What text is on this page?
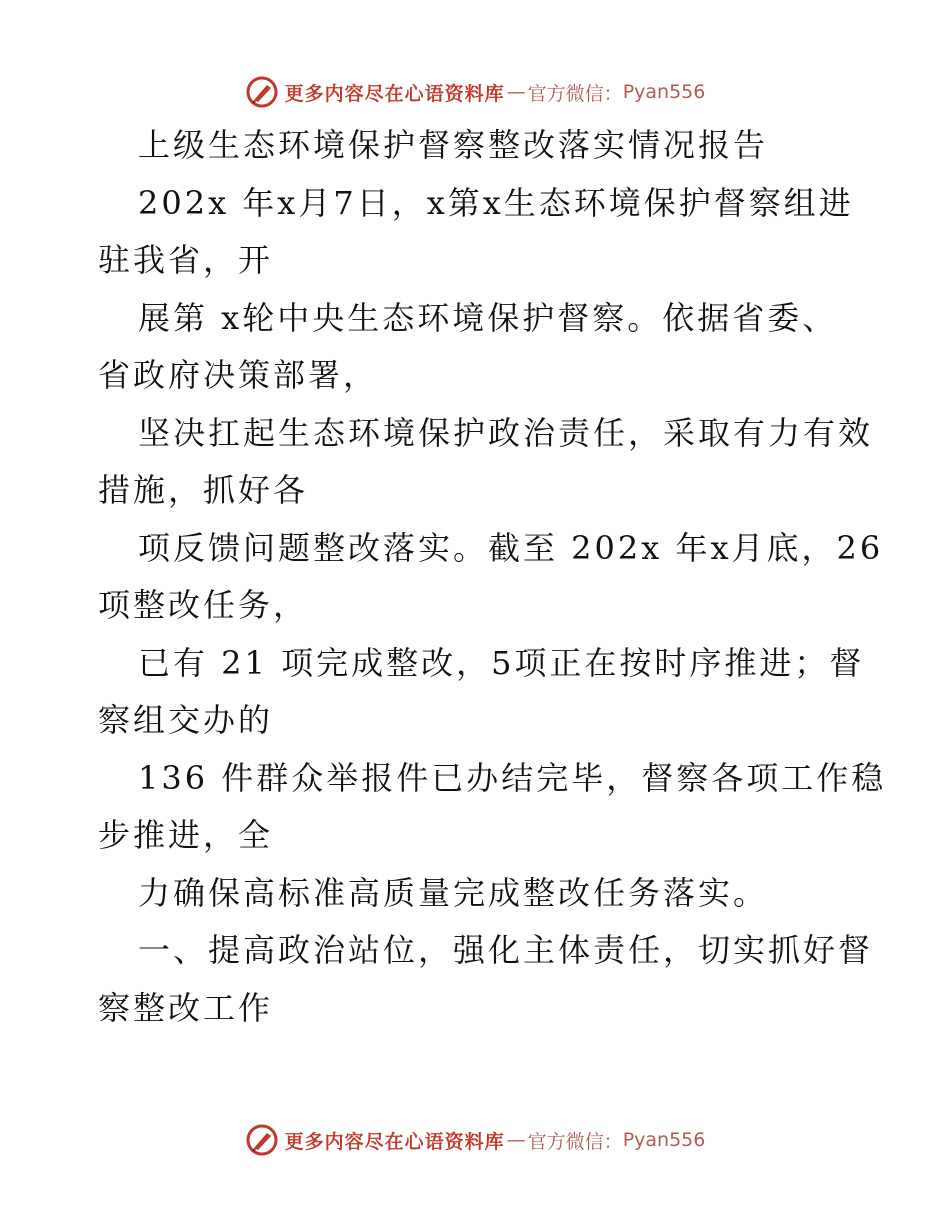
更多内容尽在心语资料库 — 官方微信： Pyan556
上级生态环境保护督察整改落实情况报告
202x 年x月7日，x第x生态环境保护督察组进
驻我省，开
展第 x轮中央生态环境保护督察。依据省委、
省政府决策部署，
坚决扛起生态环境保护政治责任，采取有力有效
措施，抓好各
项反馈问题整改落实。截至 202x 年x月底，26
项整改任务，
已有 21 项完成整改，5项正在按时序推进；督
察组交办的
136 件群众举报件已办结完毕，督察各项工作稳
步推进，全
力确保高标准高质量完成整改任务落实。
一、提高政治站位，强化主体责任，切实抓好督
察整改工作
更多内容尽在心语资料库 — 官方微信： Pyan556
